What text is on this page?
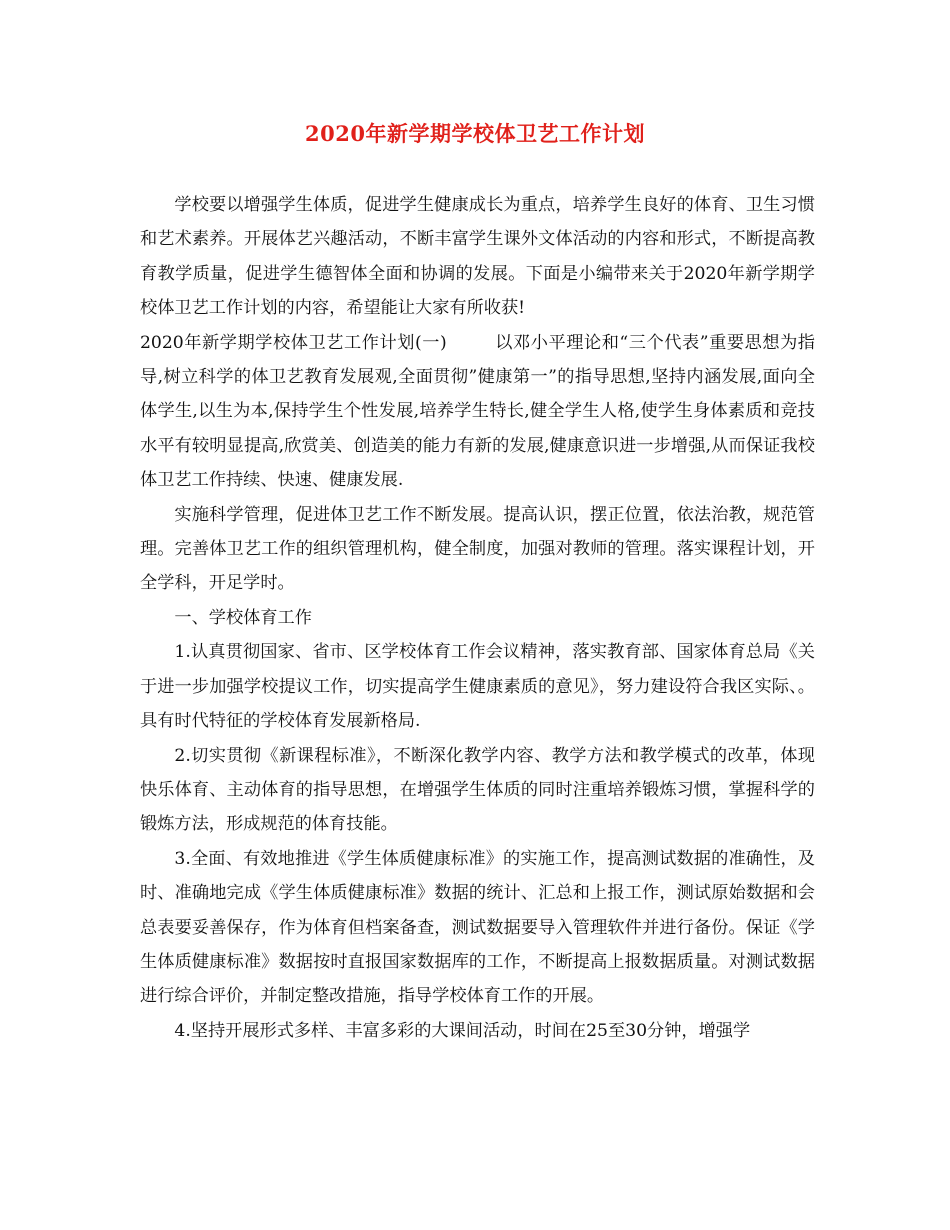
2020年新学期学校体卫艺工作计划

学校要以增强学生体质，促进学生健康成长为重点，培养学生良好的体育、卫生习惯和艺术素养。开展体艺兴趣活动，不断丰富学生课外文体活动的内容和形式，不断提高教育教学质量，促进学生德智体全面和协调的发展。下面是小编带来关于2020年新学期学校体卫艺工作计划的内容，希望能让大家有所收获!

2020年新学期学校体卫艺工作计划(一)	以邓小平理论和“三个代表”重要思想为指导,树立科学的体卫艺教育发展观,全面贯彻”健康第一”的指导思想,坚持内涵发展,面向全体学生,以生为本,保持学生个性发展,培养学生特长,健全学生人格,使学生身体素质和竞技水平有较明显提高,欣赏美、创造美的能力有新的发展,健康意识进一步增强,从而保证我校体卫艺工作持续、快速、健康发展.

实施科学管理，促进体卫艺工作不断发展。提高认识，摆正位置，依法治教，规范管理。完善体卫艺工作的组织管理机构，健全制度，加强对教师的管理。落实课程计划，开全学科，开足学时。

一、学校体育工作

1.认真贯彻国家、省市、区学校体育工作会议精神，落实教育部、国家体育总局《关于进一步加强学校提议工作，切实提高学生健康素质的意见》，努力建设符合我区实际、。具有时代特征的学校体育发展新格局.

2.切实贯彻《新课程标准》，不断深化教学内容、教学方法和教学模式的改革，体现快乐体育、主动体育的指导思想，在增强学生体质的同时注重培养锻炼习惯，掌握科学的锻炼方法，形成规范的体育技能。

3.全面、有效地推进《学生体质健康标准》的实施工作，提高测试数据的准确性，及时、准确地完成《学生体质健康标准》数据的统计、汇总和上报工作，测试原始数据和会总表要妥善保存，作为体育但档案备查，测试数据要导入管理软件并进行备份。保证《学生体质健康标准》数据按时直报国家数据库的工作，不断提高上报数据质量。对测试数据进行综合评价，并制定整改措施，指导学校体育工作的开展。

4.坚持开展形式多样、丰富多彩的大课间活动，时间在25至30分钟，增强学
